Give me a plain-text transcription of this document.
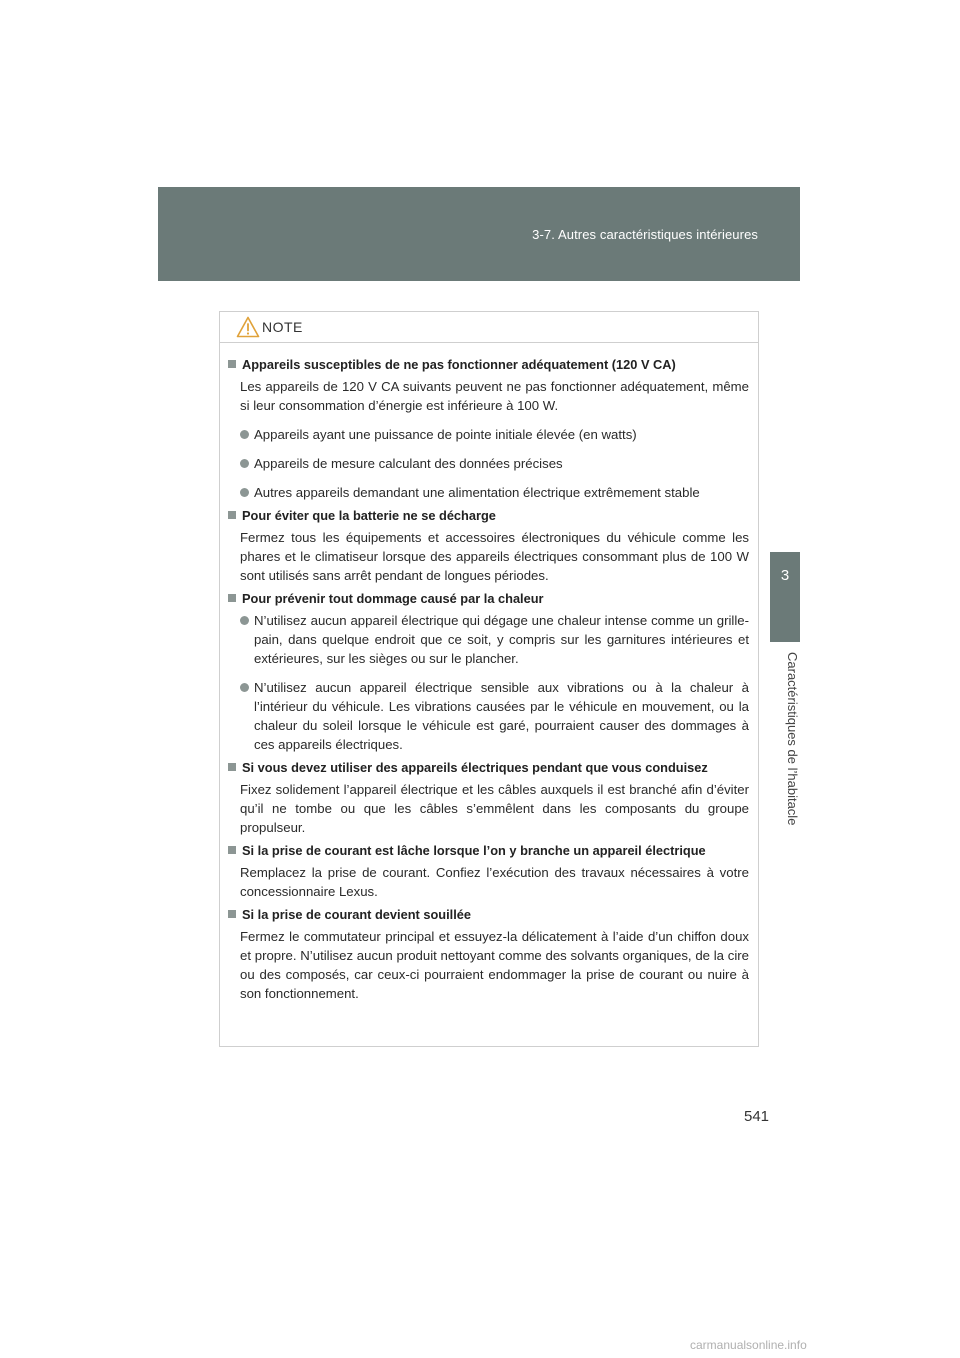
3-7. Autres caractéristiques intérieures
3
Caractéristiques de l’habitacle
NOTE
Appareils susceptibles de ne pas fonctionner adéquatement (120 V CA)
Les appareils de 120 V CA suivants peuvent ne pas fonctionner adéquatement, même si leur consommation d’énergie est inférieure à 100 W.
Appareils ayant une puissance de pointe initiale élevée (en watts)
Appareils de mesure calculant des données précises
Autres appareils demandant une alimentation électrique extrêmement stable
Pour éviter que la batterie ne se décharge
Fermez tous les équipements et accessoires électroniques du véhicule comme les phares et le climatiseur lorsque des appareils électriques consommant plus de 100 W sont utilisés sans arrêt pendant de longues périodes.
Pour prévenir tout dommage causé par la chaleur
N’utilisez aucun appareil électrique qui dégage une chaleur intense comme un grille-pain, dans quelque endroit que ce soit, y compris sur les garnitures intérieures et extérieures, sur les sièges ou sur le plancher.
N’utilisez aucun appareil électrique sensible aux vibrations ou à la chaleur à l’intérieur du véhicule. Les vibrations causées par le véhicule en mouvement, ou la chaleur du soleil lorsque le véhicule est garé, pourraient causer des dommages à ces appareils électriques.
Si vous devez utiliser des appareils électriques pendant que vous conduisez
Fixez solidement l’appareil électrique et les câbles auxquels il est branché afin d’éviter qu’il ne tombe ou que les câbles s’emmêlent dans les composants du groupe propulseur.
Si la prise de courant est lâche lorsque l’on y branche un appareil électrique
Remplacez la prise de courant. Confiez l’exécution des travaux nécessaires à votre concessionnaire Lexus.
Si la prise de courant devient souillée
Fermez le commutateur principal et essuyez-la délicatement à l’aide d’un chiffon doux et propre. N’utilisez aucun produit nettoyant comme des solvants organiques, de la cire ou des composés, car ceux-ci pourraient endommager la prise de courant ou nuire à son fonctionnement.
541
carmanualsonline.info
